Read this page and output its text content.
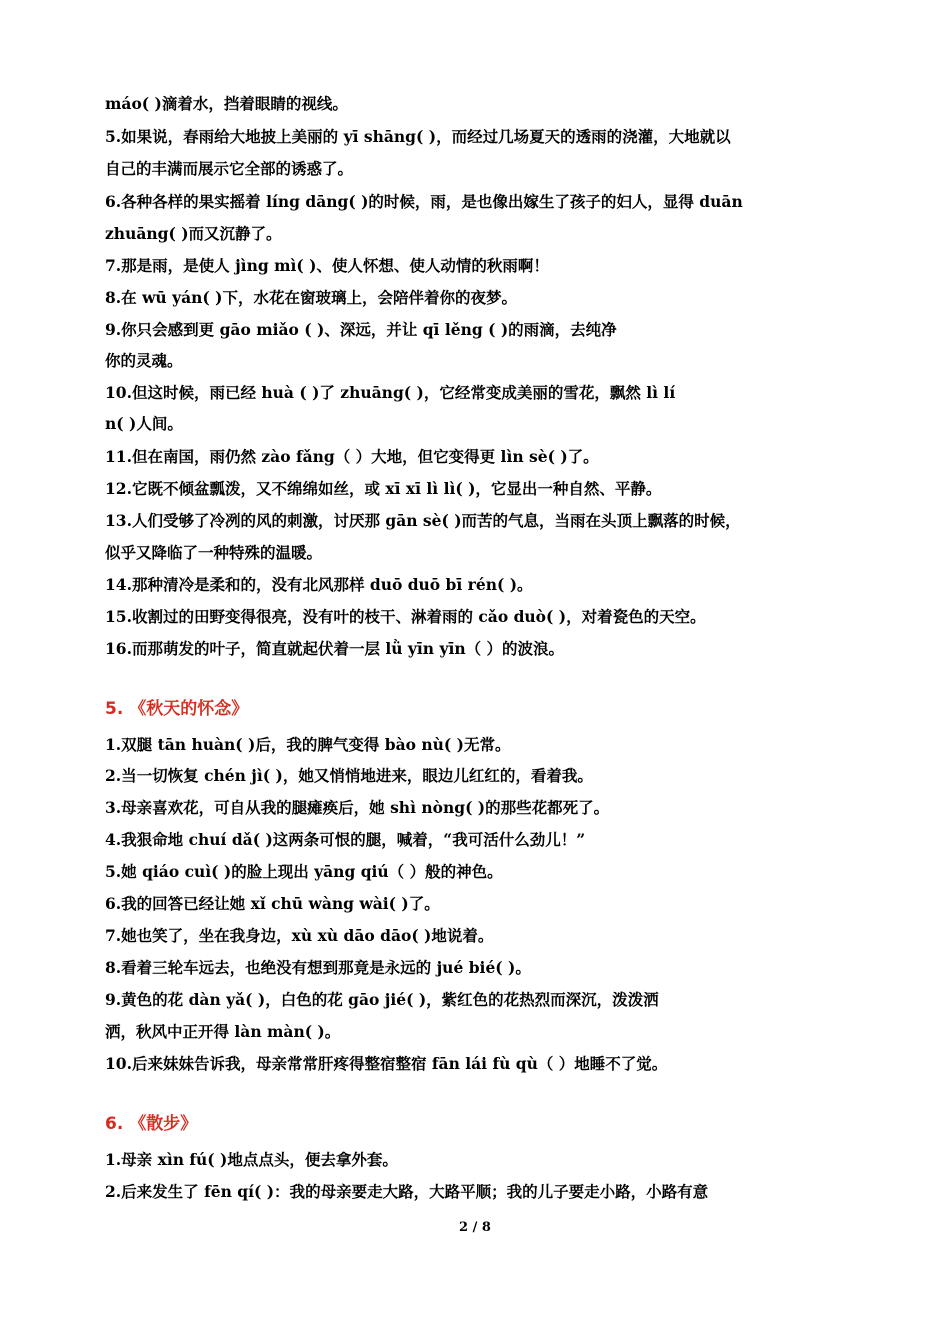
máo( )滴着水，挡着眼睛的视线。
5.如果说，春雨给大地披上美丽的 yī shāng( )，而经过几场夏天的透雨的浇灌，大地就以
自己的丰满而展示它全部的诱惑了。
6.各种各样的果实摇着 líng dāng( )的时候，雨，是也像出嫁生了孩子的妇人，显得 duān
zhuāng( )而又沉静了。
7.那是雨，是使人 jìng mì( )、使人怀想、使人动情的秋雨啊！
8.在 wū yán( )下，水花在窗玻璃上，会陪伴着你的夜梦。
9.你只会感到更 gāo miǎo ( )、深远，并让 qī lěng ( )的雨滴，去纯净
你的灵魂。
10.但这时候，雨已经 huà ( )了 zhuāng( )，它经常变成美丽的雪花，飘然 lì lí
n( )人间。
11.但在南国，雨仍然 zào fǎng（ ）大地，但它变得更 lìn sè( )了。
12.它既不倾盆瓢泼，又不绵绵如丝，或 xī xī lì lì( )，它显出一种自然、平静。
13.人们受够了冷冽的风的刺激，讨厌那 gān sè( )而苦的气息，当雨在头顶上飘落的时候，
似乎又降临了一种特殊的温暖。
14.那种清冷是柔和的，没有北风那样 duō duō bī rén( )。
15.收割过的田野变得很亮，没有叶的枝干、淋着雨的 cǎo duò( )，对着瓷色的天空。
16.而那萌发的叶子，简直就起伏着一层 lǜ yīn yīn（ ）的波浪。
5. 《秋天的怀念》
1.双腿 tān huàn( )后，我的脾气变得 bào nù( )无常。
2.当一切恢复 chén jì( )，她又悄悄地进来，眼边儿红红的，看着我。
3.母亲喜欢花，可自从我的腿瘫痪后，她 shì nòng( )的那些花都死了。
4.我狠命地 chuí dǎ( )这两条可恨的腿，喊着，“我可活什么劲儿！”
5.她 qiáo cuì( )的脸上现出 yāng qiú（ ）般的神色。
6.我的回答已经让她 xǐ chū wàng wài( )了。
7.她也笑了，坐在我身边，xù xù dāo dāo( )地说着。
8.看着三轮车远去，也绝没有想到那竟是永远的 jué bié( )。
9.黄色的花 dàn yǎ( )，白色的花 gāo jié( )，紫红色的花热烈而深沉，泼泼洒
洒，秋风中正开得 làn màn( )。
10.后来妹妹告诉我，母亲常常肝疼得整宿整宿 fān lái fù qù（ ）地睡不了觉。
6. 《散步》
1.母亲 xìn fú( )地点点头，便去拿外套。
2.后来发生了 fēn qí( )：我的母亲要走大路，大路平顺；我的儿子要走小路，小路有意
2 / 8
